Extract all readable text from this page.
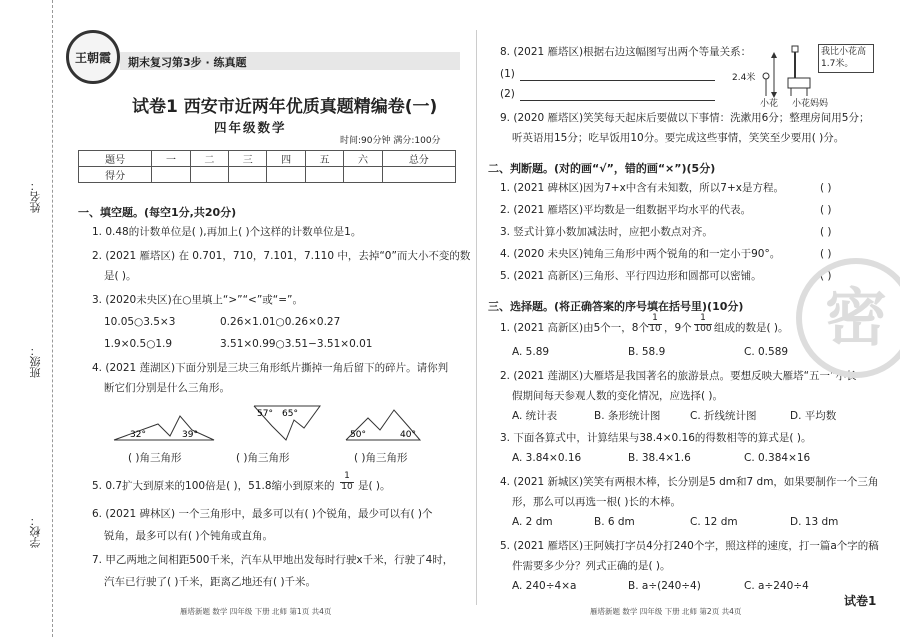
姓名：
班级：
学校：
王朝霞	期末复习第3步 · 练真题
试卷1 西安市近两年优质真题精编卷(一)
四年级数学
时间:90分钟 满分:100分
题号	一	二	三	四	五	六	总分
得分							
一、填空题。(每空1分,共20分)
1. 0.48的计数单位是( ),再加上( )个这样的计数单位是1。
2. (2021 雁塔区) 在 0.701，710，7.101，7.110 中，去掉“0”而大小不变的数
是( )。
3. (2020未央区)在○里填上“>”“<”或“=”。
10.05○3.5×3	0.26×1.01○0.26×0.27
1.9×0.5○1.9	3.51×0.99○3.51−3.51×0.01
4. (2021 莲湖区)下面分别是三块三角形纸片撕掉一角后留下的碎片。请你判
断它们分别是什么三角形。
32°	39°
57° 65°
50°	40°
( )角三角形	( )角三角形	( )角三角形
5. 0.7扩大到原来的100倍是( )，51.8缩小到原来的
1
10 是( )。
6. (2021 碑林区) 一个三角形中，最多可以有( )个锐角，最少可以有( )个
锐角，最多可以有( )个钝角或直角。
7. 甲乙两地之间相距500千米，汽车从甲地出发每时行驶x千米，行驶了4时，
汽车已行驶了( )千米，距离乙地还有( )千米。
雁塔新题 数学 四年级 下册 北师 第1页 共4页
8. (2021 雁塔区)根据右边这幅图写出两个等量关系：
(1)
(2)
2.4米
我比小花高1.7米。
小花 小花妈妈
9. (2020 雁塔区)笑笑每天起床后要做以下事情：洗漱用6分；整理房间用5分；
听英语用15分；吃早饭用10分。要完成这些事情，笑笑至少要用( )分。
二、判断题。(对的画“√”，错的画“×”)(5分)
1. (2021 碑林区)因为7+x中含有未知数，所以7+x是方程。
2. (2021 雁塔区)平均数是一组数据平均水平的代表。
3. 竖式计算小数加减法时，应把小数点对齐。
4. (2020 未央区)钝角三角形中两个锐角的和一定小于90°。
5. (2021 高新区)三角形、平行四边形和圆都可以密铺。
( )
( )
( )
( )
( )
三、选择题。(将正确答案的序号填在括号里)(10分)
1. (2021 高新区)由5个一，8个
1
10 ，9个
1
100 组成的数是( )。
A. 5.89	B. 58.9	C. 0.589
2. (2021 莲湖区)大雁塔是我国著名的旅游景点。要想反映大雁塔“五一”小长
假期间每天参观人数的变化情况，应选择( )。
A. 统计表	B. 条形统计图	C. 折线统计图	D. 平均数
3. 下面各算式中，计算结果与38.4×0.16的得数相等的算式是( )。
A. 3.84×0.16	B. 38.4×1.6	C. 0.384×16
4. (2021 新城区)笑笑有两根木棒，长分别是5 dm和7 dm，如果要制作一个三角
形，那么可以再选一根( )长的木棒。
A. 2 dm	B. 6 dm	C. 12 dm	D. 13 dm
5. (2021 雁塔区)王阿姨打字员4分打240个字，照这样的速度，打一篇a个字的稿
件需要多少分？列式正确的是( )。
A. 240÷4×a	B. a÷(240÷4)	C. a÷240÷4
雁塔新题 数学 四年级 下册 北师 第2页 共4页
密
试卷1
